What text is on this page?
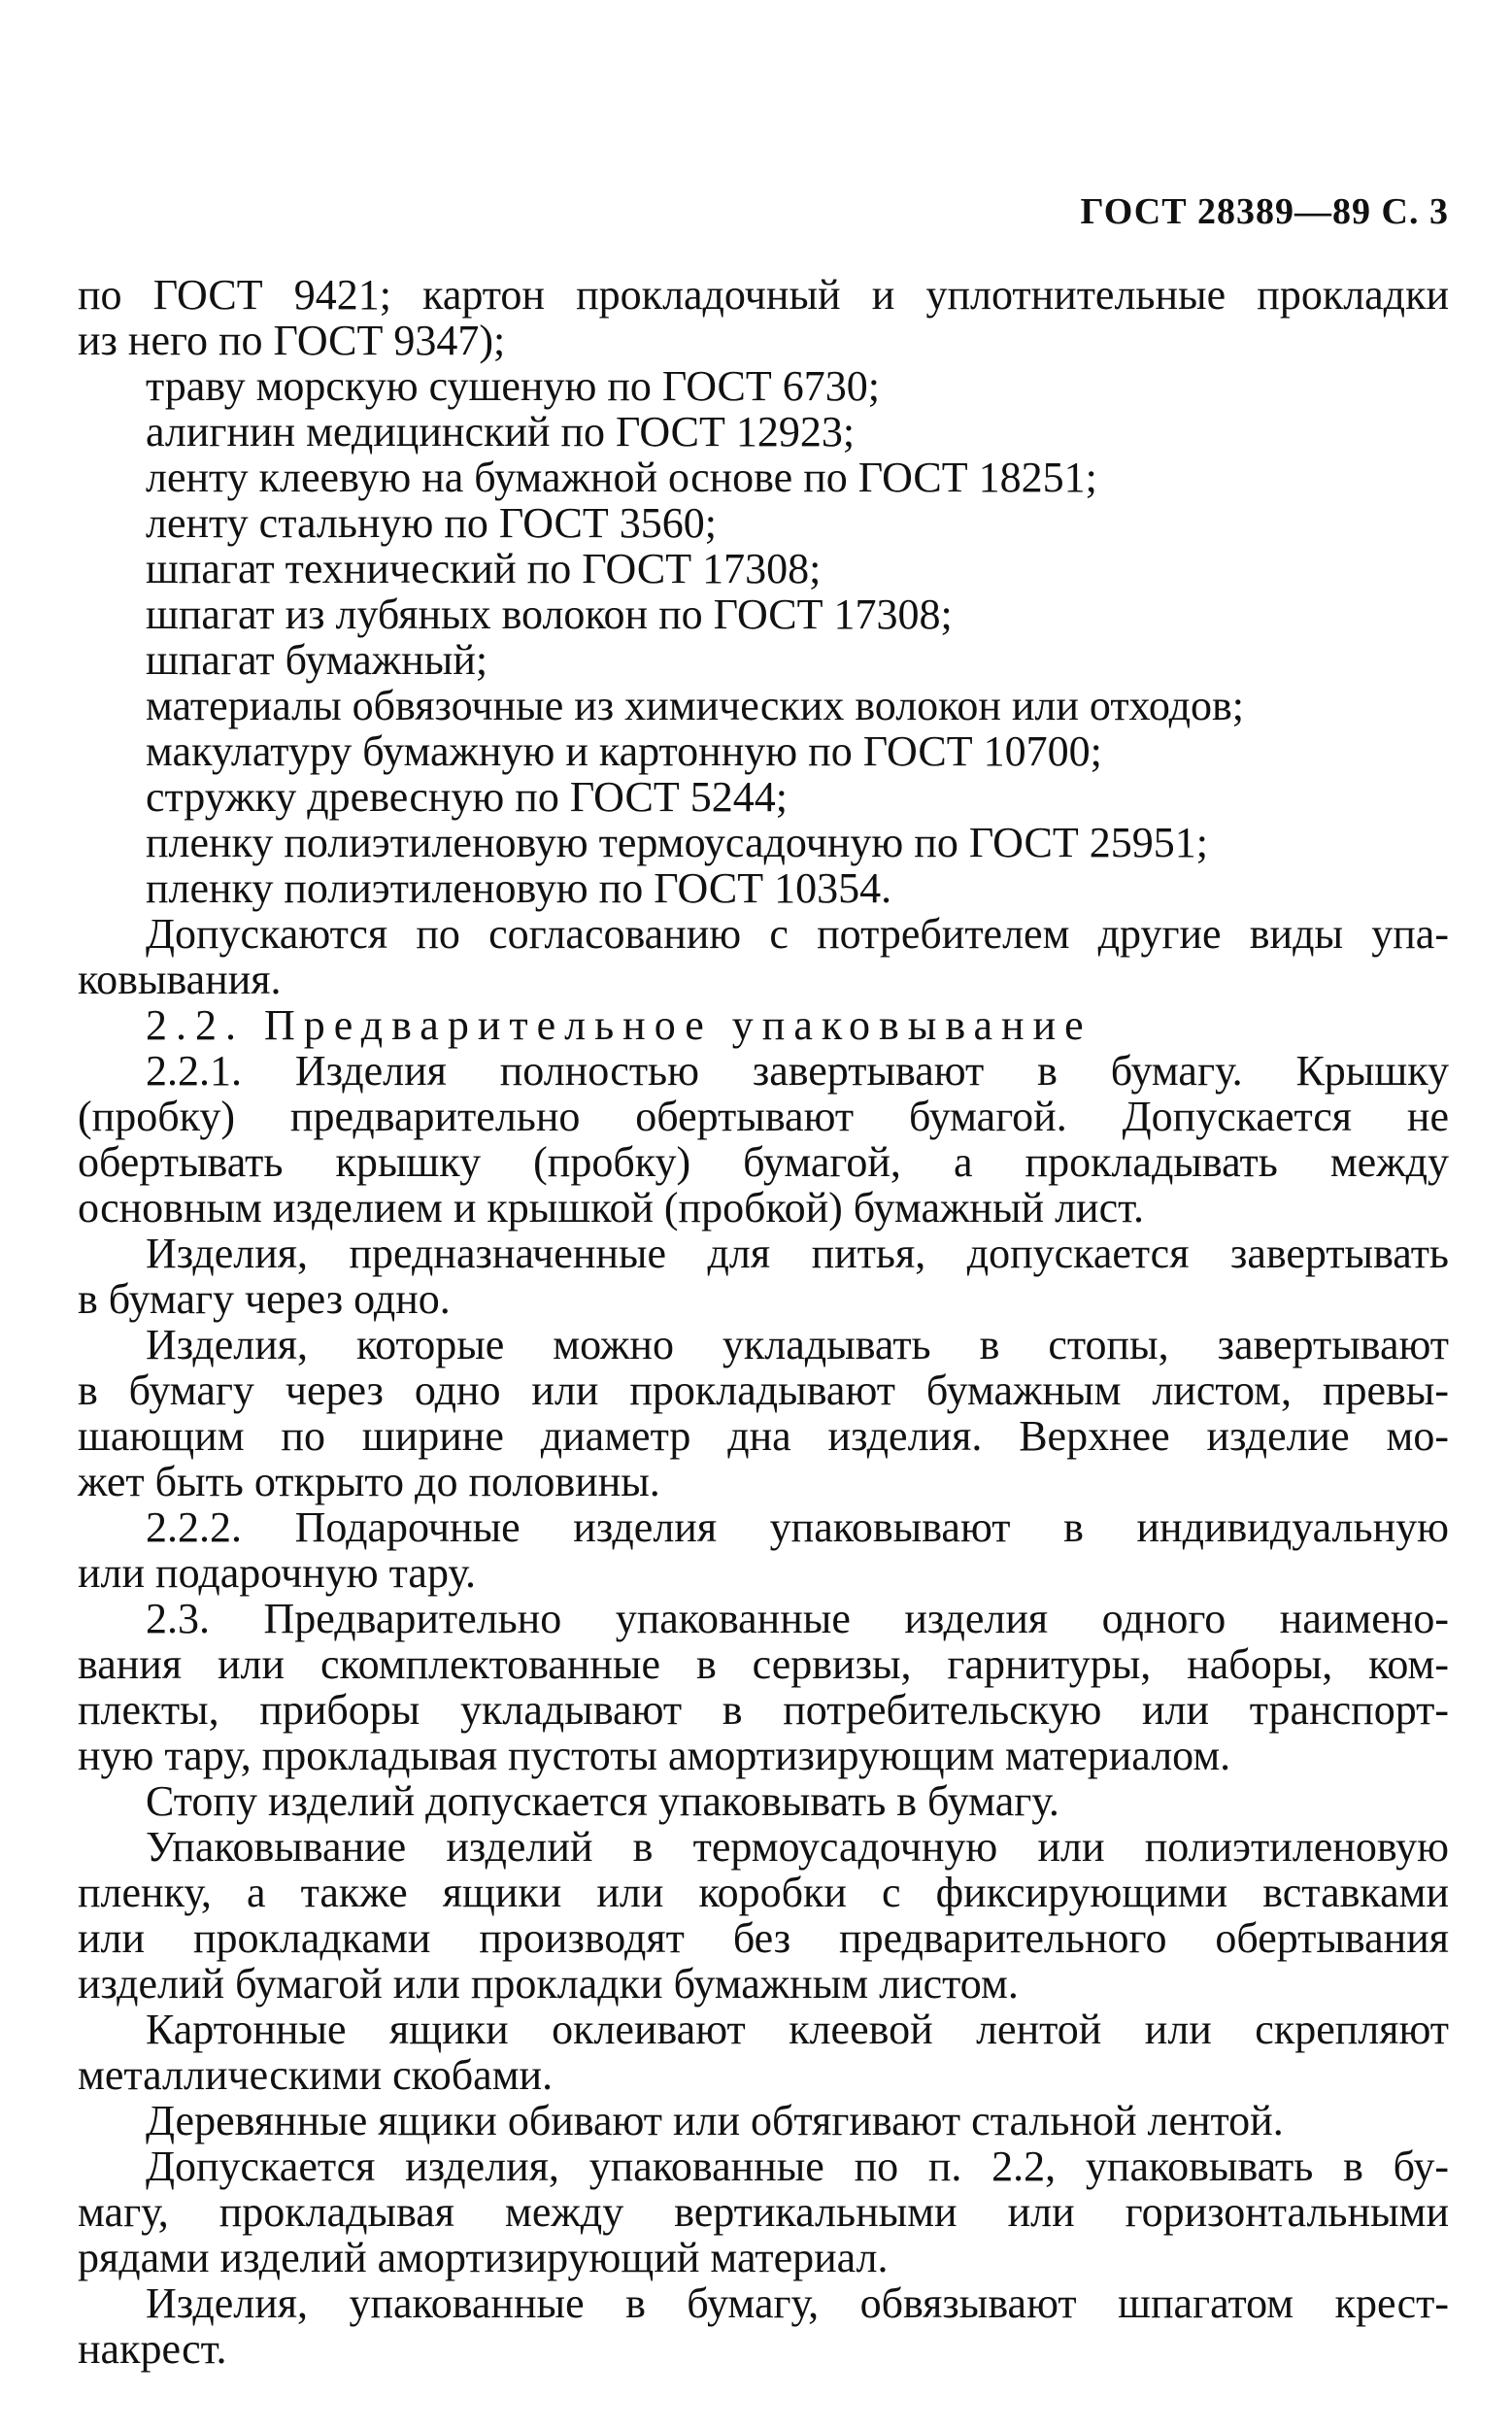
ГОСТ 28389—89 С. 3
по ГОСТ 9421; картон прокладочный и уплотнительные прокладки
из него по ГОСТ 9347);
траву морскую сушеную по ГОСТ 6730;
алигнин медицинский по ГОСТ 12923;
ленту клеевую на бумажной основе по ГОСТ 18251;
ленту стальную по ГОСТ 3560;
шпагат технический по ГОСТ 17308;
шпагат из лубяных волокон по ГОСТ 17308;
шпагат бумажный;
материалы обвязочные из химических волокон или отходов;
макулатуру бумажную и картонную по ГОСТ 10700;
стружку древесную по ГОСТ 5244;
пленку полиэтиленовую термоусадочную по ГОСТ 25951;
пленку полиэтиленовую по ГОСТ 10354.
Допускаются по согласованию с потребителем другие виды упа-
ковывания.
2.2. Предварительное упаковывание
2.2.1. Изделия полностью завертывают в бумагу. Крышку
(пробку) предварительно обертывают бумагой. Допускается не
обертывать крышку (пробку) бумагой, а прокладывать между
основным изделием и крышкой (пробкой) бумажный лист.
Изделия, предназначенные для питья, допускается завертывать
в бумагу через одно.
Изделия, которые можно укладывать в стопы, завертывают
в бумагу через одно или прокладывают бумажным листом, превы-
шающим по ширине диаметр дна изделия. Верхнее изделие мо-
жет быть открыто до половины.
2.2.2. Подарочные изделия упаковывают в индивидуальную
или подарочную тару.
2.3. Предварительно упакованные изделия одного наимено-
вания или скомплектованные в сервизы, гарнитуры, наборы, ком-
плекты, приборы укладывают в потребительскую или транспорт-
ную тару, прокладывая пустоты амортизирующим материалом.
Стопу изделий допускается упаковывать в бумагу.
Упаковывание изделий в термоусадочную или полиэтиленовую
пленку, а также ящики или коробки с фиксирующими вставками
или прокладками производят без предварительного обертывания
изделий бумагой или прокладки бумажным листом.
Картонные ящики оклеивают клеевой лентой или скрепляют
металлическими скобами.
Деревянные ящики обивают или обтягивают стальной лентой.
Допускается изделия, упакованные по п. 2.2, упаковывать в бу-
магу, прокладывая между вертикальными или горизонтальными
рядами изделий амортизирующий материал.
Изделия, упакованные в бумагу, обвязывают шпагатом крест-
накрест.
